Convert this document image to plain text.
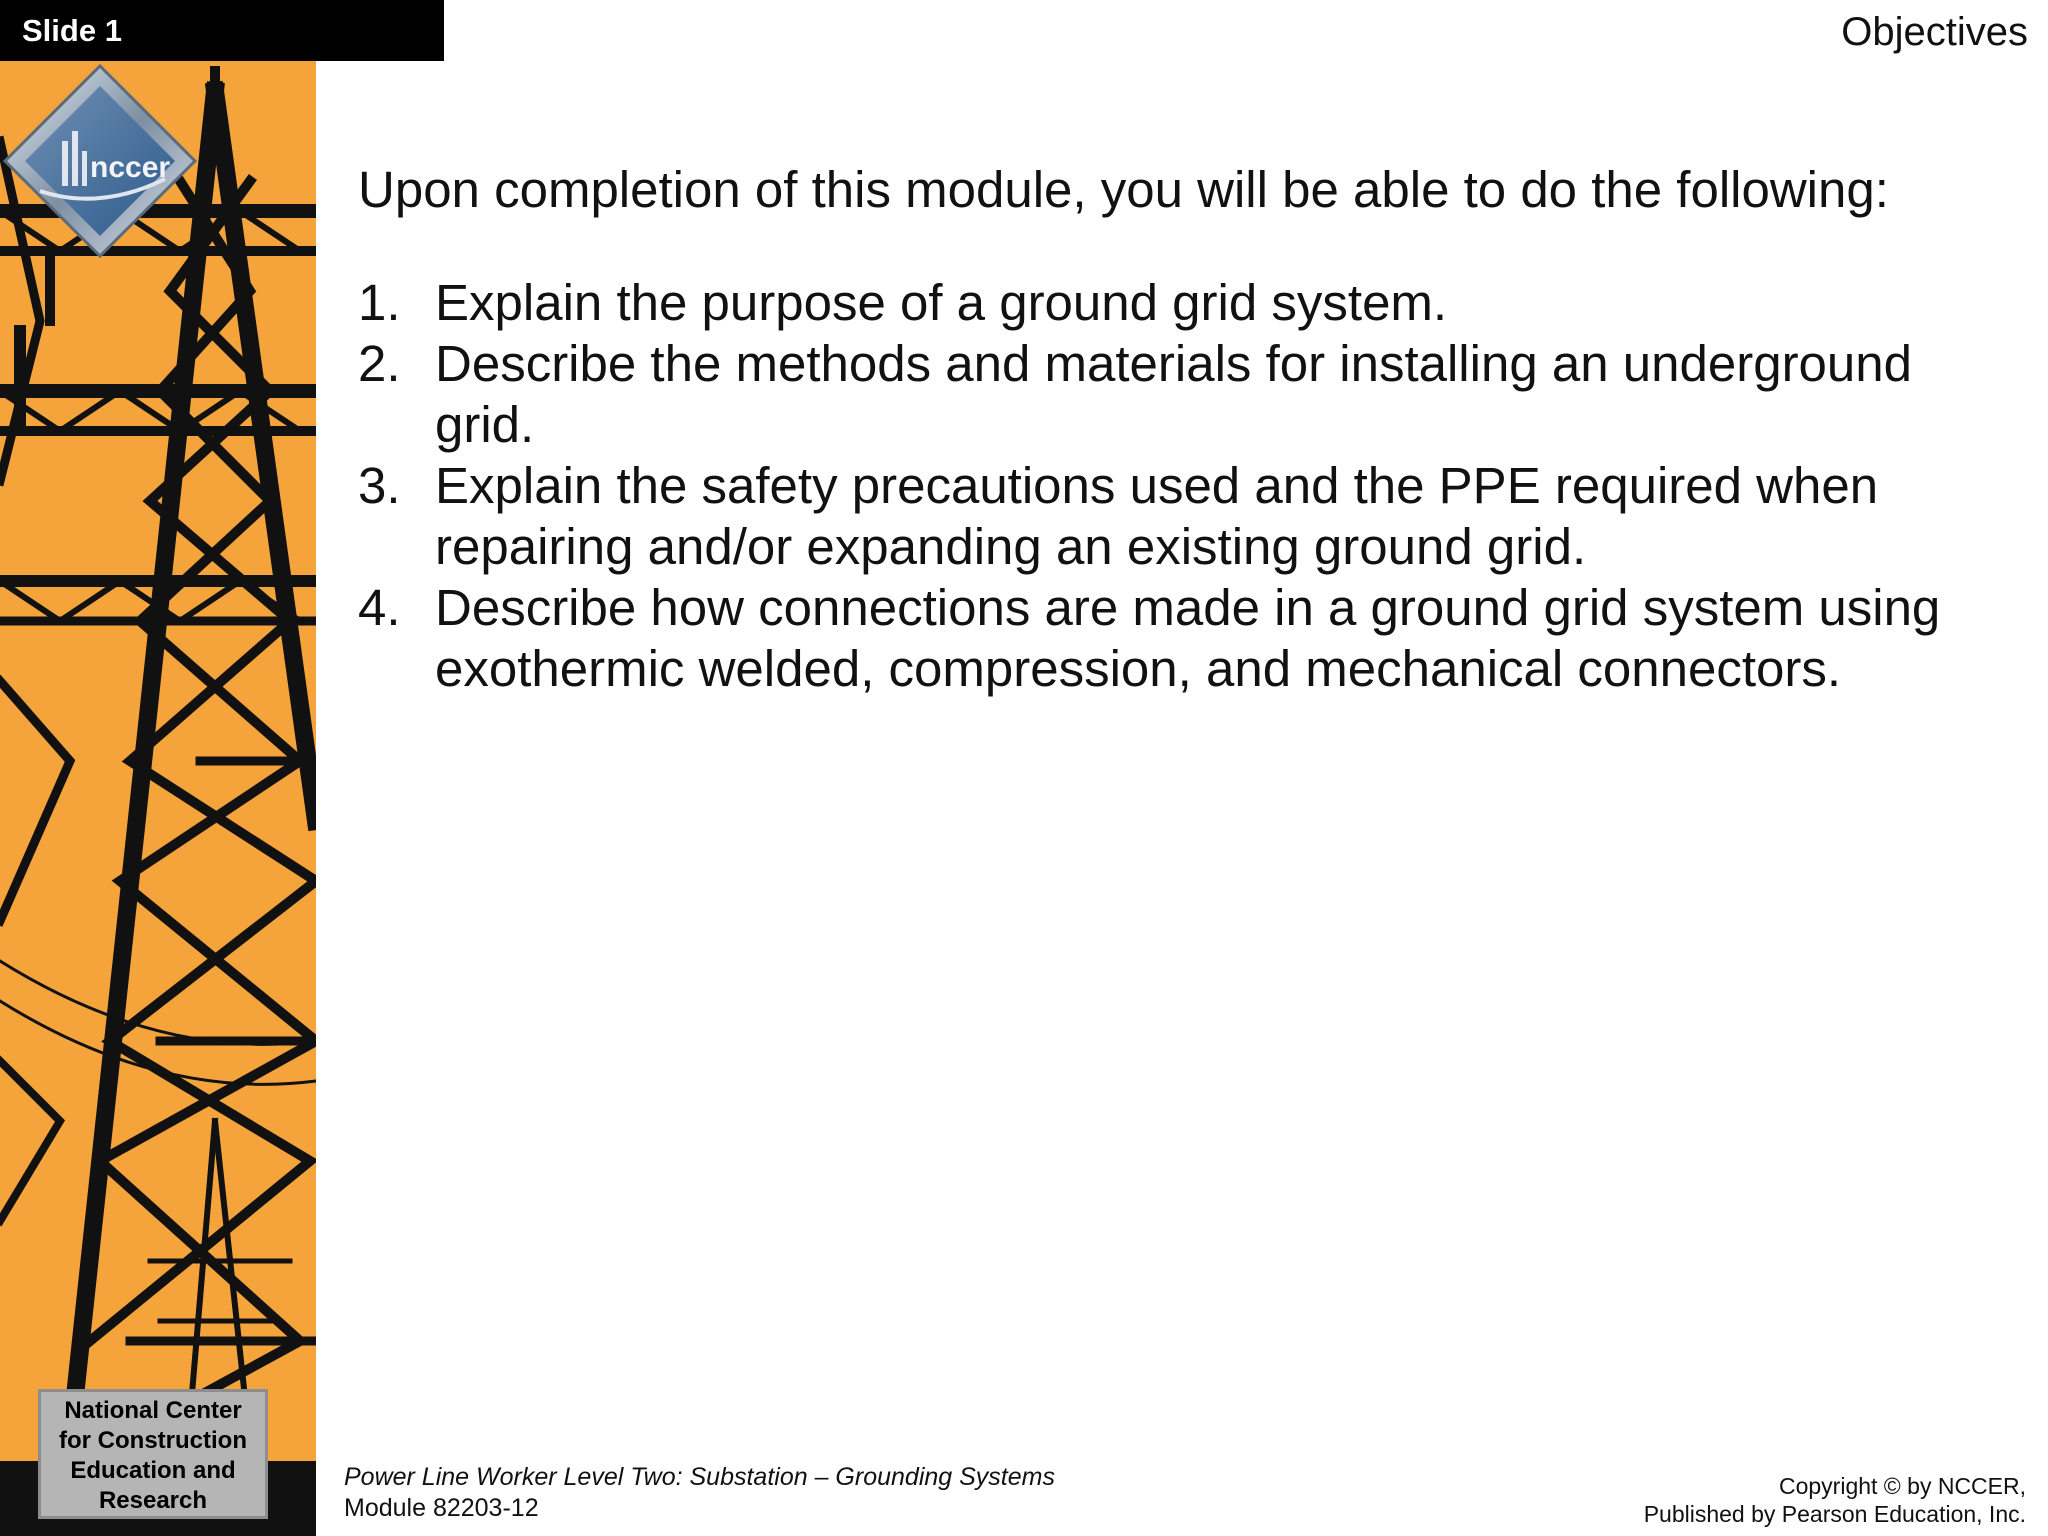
Slide 1	Objectives
nccer
National Center
for Construction
Education and
Research

Upon completion of this module, you will be able to do the following:

1. Explain the purpose of a ground grid system.
2. Describe the methods and materials for installing an underground grid.
3. Explain the safety precautions used and the PPE required when repairing and/or expanding an existing ground grid.
4. Describe how connections are made in a ground grid system using exothermic welded, compression, and mechanical connectors.
Power Line Worker Level Two: Substation – Grounding Systems
Module 82203-12
Copyright © by NCCER,
Published by Pearson Education, Inc.
